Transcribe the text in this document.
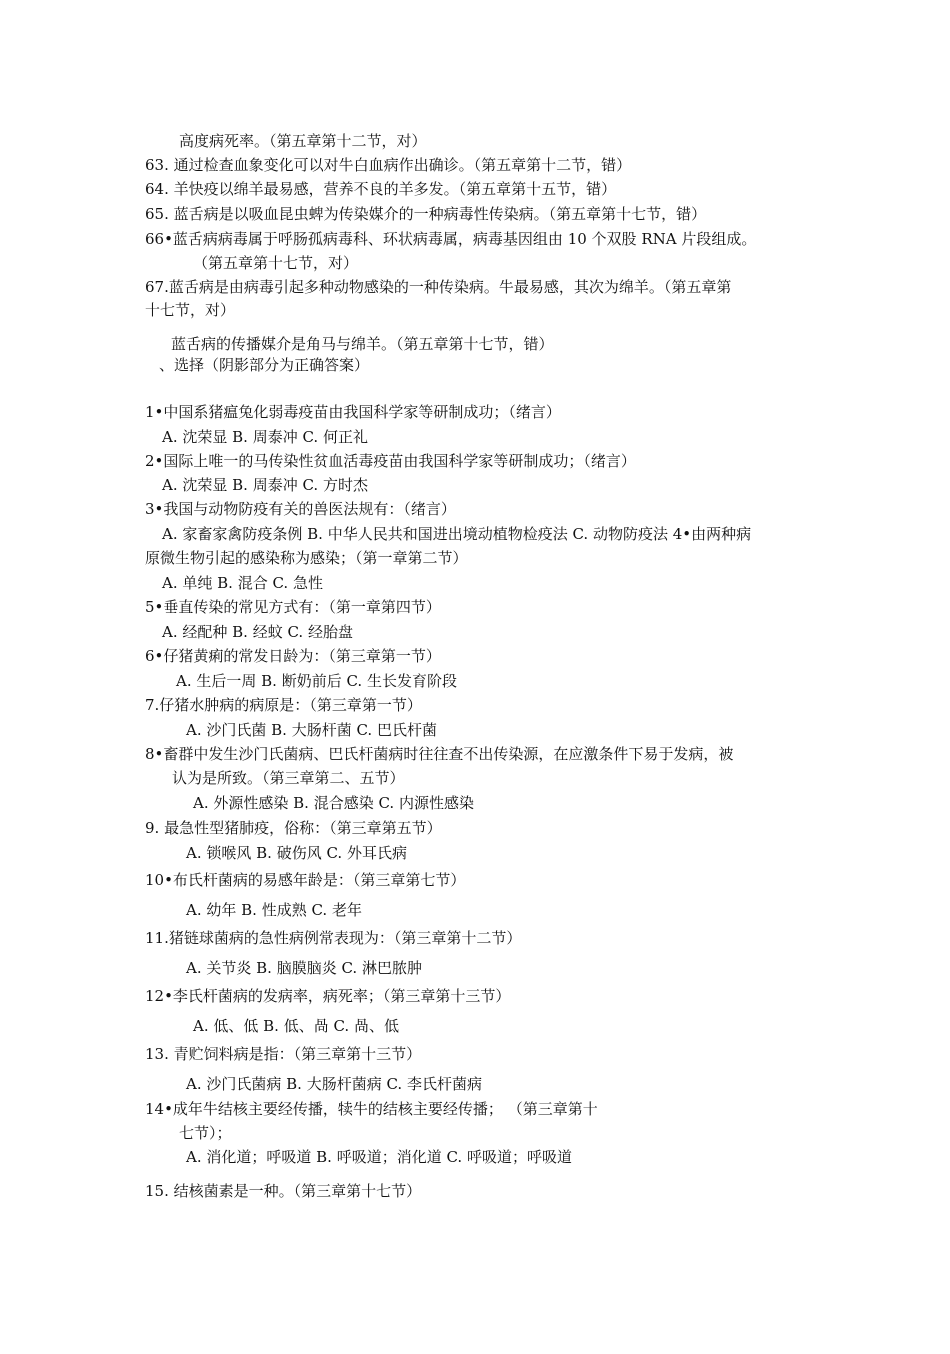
高度病死率。（第五章第十二节，对）
63. 通过检查血象变化可以对牛白血病作出确诊。（第五章第十二节，错）
64. 羊快疫以绵羊最易感，营养不良的羊多发。（第五章第十五节，错）
65. 蓝舌病是以吸血昆虫蜱为传染媒介的一种病毒性传染病。（第五章第十七节，错）
66•蓝舌病病毒属于呼肠孤病毒科、环状病毒属，病毒基因组由 10 个双股 RNA 片段组成。
（第五章第十七节，对）
67.蓝舌病是由病毒引起多种动物感染的一种传染病。牛最易感，其次为绵羊。（第五章第
十七节，对）
蓝舌病的传播媒介是角马与绵羊。（第五章第十七节，错）
、选择（阴影部分为正确答案）
1•中国系猪瘟兔化弱毒疫苗由我国科学家等研制成功；（绪言）
A. 沈荣显 B. 周泰冲 C. 何正礼
2•国际上唯一的马传染性贫血活毒疫苗由我国科学家等研制成功；（绪言）
A. 沈荣显 B. 周泰冲 C. 方时杰
3•我国与动物防疫有关的兽医法规有：（绪言）
A. 家畜家禽防疫条例 B. 中华人民共和国进出境动植物检疫法 C. 动物防疫法 4•由两种病
原微生物引起的感染称为感染；（第一章第二节）
A. 单纯 B. 混合 C. 急性
5•垂直传染的常见方式有：（第一章第四节）
A. 经配种 B. 经蚊 C. 经胎盘
6•仔猪黄痢的常发日龄为：（第三章第一节）
A. 生后一周 B. 断奶前后 C. 生长发育阶段
7.仔猪水肿病的病原是：（第三章第一节）
A. 沙门氏菌 B. 大肠杆菌 C. 巴氏杆菌
8•畜群中发生沙门氏菌病、巴氏杆菌病时往往查不出传染源，在应激条件下易于发病，被
认为是所致。（第三章第二、五节）
A. 外源性感染 B. 混合感染 C. 内源性感染
9. 最急性型猪肺疫，俗称：（第三章第五节）
A. 锁喉风 B. 破伤风 C. 外耳氏病
10•布氏杆菌病的易感年龄是：（第三章第七节）
A. 幼年 B. 性成熟 C. 老年
11.猪链球菌病的急性病例常表现为：（第三章第十二节）
A. 关节炎 B. 脑膜脑炎 C. 淋巴脓肿
12•李氏杆菌病的发病率，病死率；（第三章第十三节）
A. 低、低 B. 低、咼 C. 咼、低
13. 青贮饲料病是指：（第三章第十三节）
A. 沙门氏菌病 B. 大肠杆菌病 C. 李氏杆菌病
14•成年牛结核主要经传播，犊牛的结核主要经传播； （第三章第十
七节）；
A. 消化道；呼吸道 B. 呼吸道；消化道 C. 呼吸道；呼吸道
15. 结核菌素是一种。（第三章第十七节）
